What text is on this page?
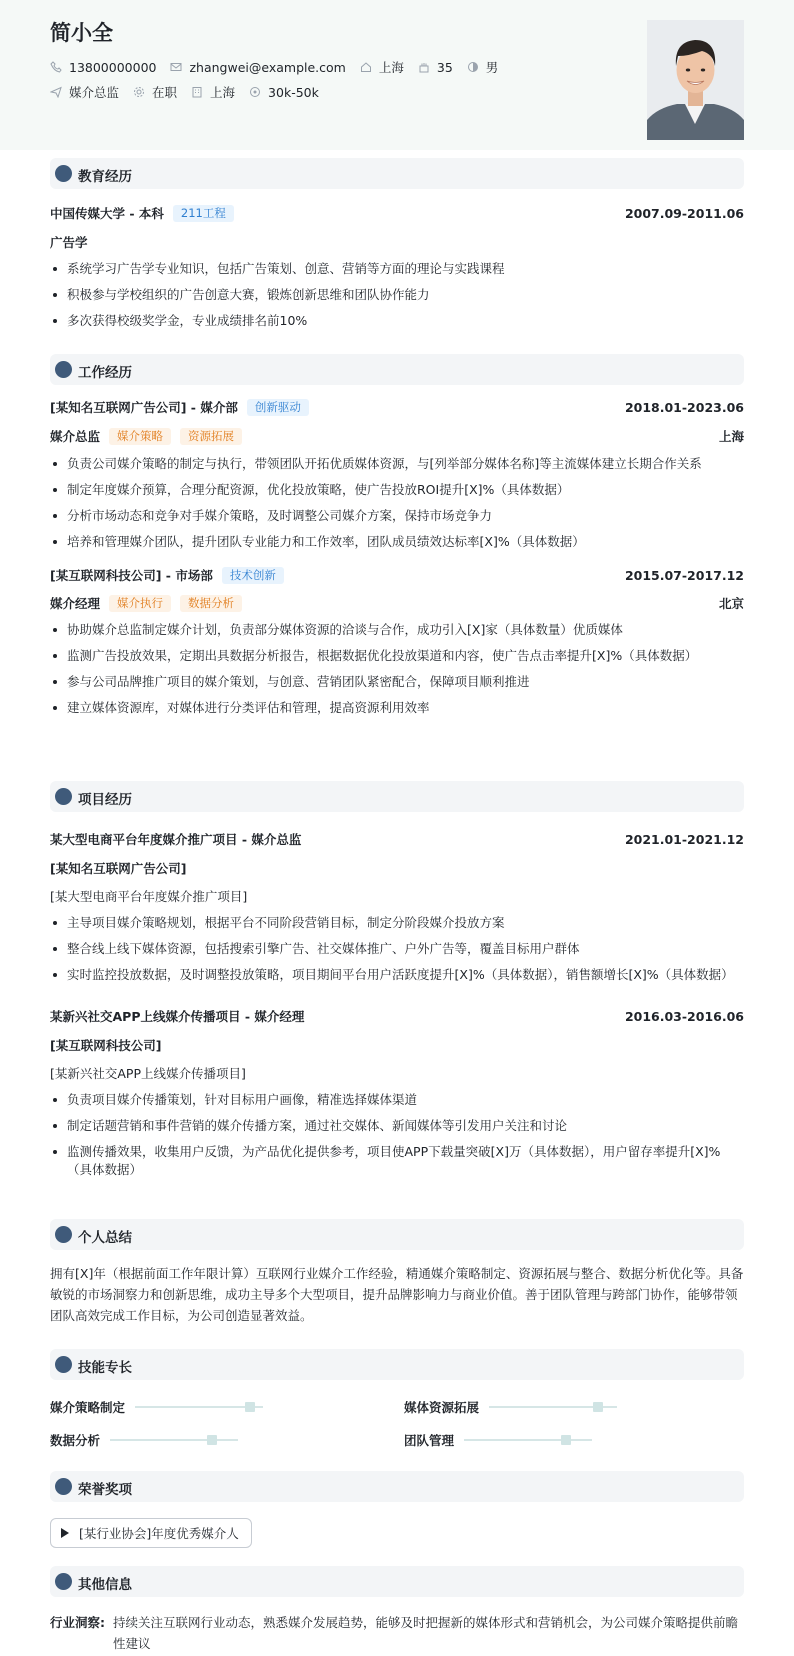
简小全
13800000000	zhangwei@example.com	上海	35	男
媒介总监	在职	上海	30k-50k
教育经历
中国传媒大学 - 本科	211工程	2007.09-2011.06
广告学
系统学习广告学专业知识，包括广告策划、创意、营销等方面的理论与实践课程
积极参与学校组织的广告创意大赛，锻炼创新思维和团队协作能力
多次获得校级奖学金，专业成绩排名前10%
工作经历
[某知名互联网广告公司] - 媒介部	创新驱动	2018.01-2023.06
媒介总监	媒介策略	资源拓展	上海
负责公司媒介策略的制定与执行，带领团队开拓优质媒体资源，与[列举部分媒体名称]等主流媒体建立长期合作关系
制定年度媒介预算，合理分配资源，优化投放策略，使广告投放ROI提升[X]%（具体数据）
分析市场动态和竞争对手媒介策略，及时调整公司媒介方案，保持市场竞争力
培养和管理媒介团队，提升团队专业能力和工作效率，团队成员绩效达标率[X]%（具体数据）
[某互联网科技公司] - 市场部	技术创新	2015.07-2017.12
媒介经理	媒介执行	数据分析	北京
协助媒介总监制定媒介计划，负责部分媒体资源的洽谈与合作，成功引入[X]家（具体数量）优质媒体
监测广告投放效果，定期出具数据分析报告，根据数据优化投放渠道和内容，使广告点击率提升[X]%（具体数据）
参与公司品牌推广项目的媒介策划，与创意、营销团队紧密配合，保障项目顺利推进
建立媒体资源库，对媒体进行分类评估和管理，提高资源利用效率
项目经历
某大型电商平台年度媒介推广项目 - 媒介总监	2021.01-2021.12
[某知名互联网广告公司]
[某大型电商平台年度媒介推广项目]
主导项目媒介策略规划，根据平台不同阶段营销目标，制定分阶段媒介投放方案
整合线上线下媒体资源，包括搜索引擎广告、社交媒体推广、户外广告等，覆盖目标用户群体
实时监控投放数据，及时调整投放策略，项目期间平台用户活跃度提升[X]%（具体数据），销售额增长[X]%（具体数据）
某新兴社交APP上线媒介传播项目 - 媒介经理	2016.03-2016.06
[某互联网科技公司]
[某新兴社交APP上线媒介传播项目]
负责项目媒介传播策划，针对目标用户画像，精准选择媒体渠道
制定话题营销和事件营销的媒介传播方案，通过社交媒体、新闻媒体等引发用户关注和讨论
监测传播效果，收集用户反馈，为产品优化提供参考，项目使APP下载量突破[X]万（具体数据），用户留存率提升[X]%（具体数据）
个人总结
拥有[X]年（根据前面工作年限计算）互联网行业媒介工作经验，精通媒介策略制定、资源拓展与整合、数据分析优化等。具备敏锐的市场洞察力和创新思维，成功主导多个大型项目，提升品牌影响力与商业价值。善于团队管理与跨部门协作，能够带领团队高效完成工作目标，为公司创造显著效益。
技能专长
媒介策略制定	媒体资源拓展
数据分析	团队管理
荣誉奖项
[某行业协会]年度优秀媒介人
其他信息
行业洞察: 持续关注互联网行业动态，熟悉媒介发展趋势，能够及时把握新的媒体形式和营销机会，为公司媒介策略提供前瞻性建议
